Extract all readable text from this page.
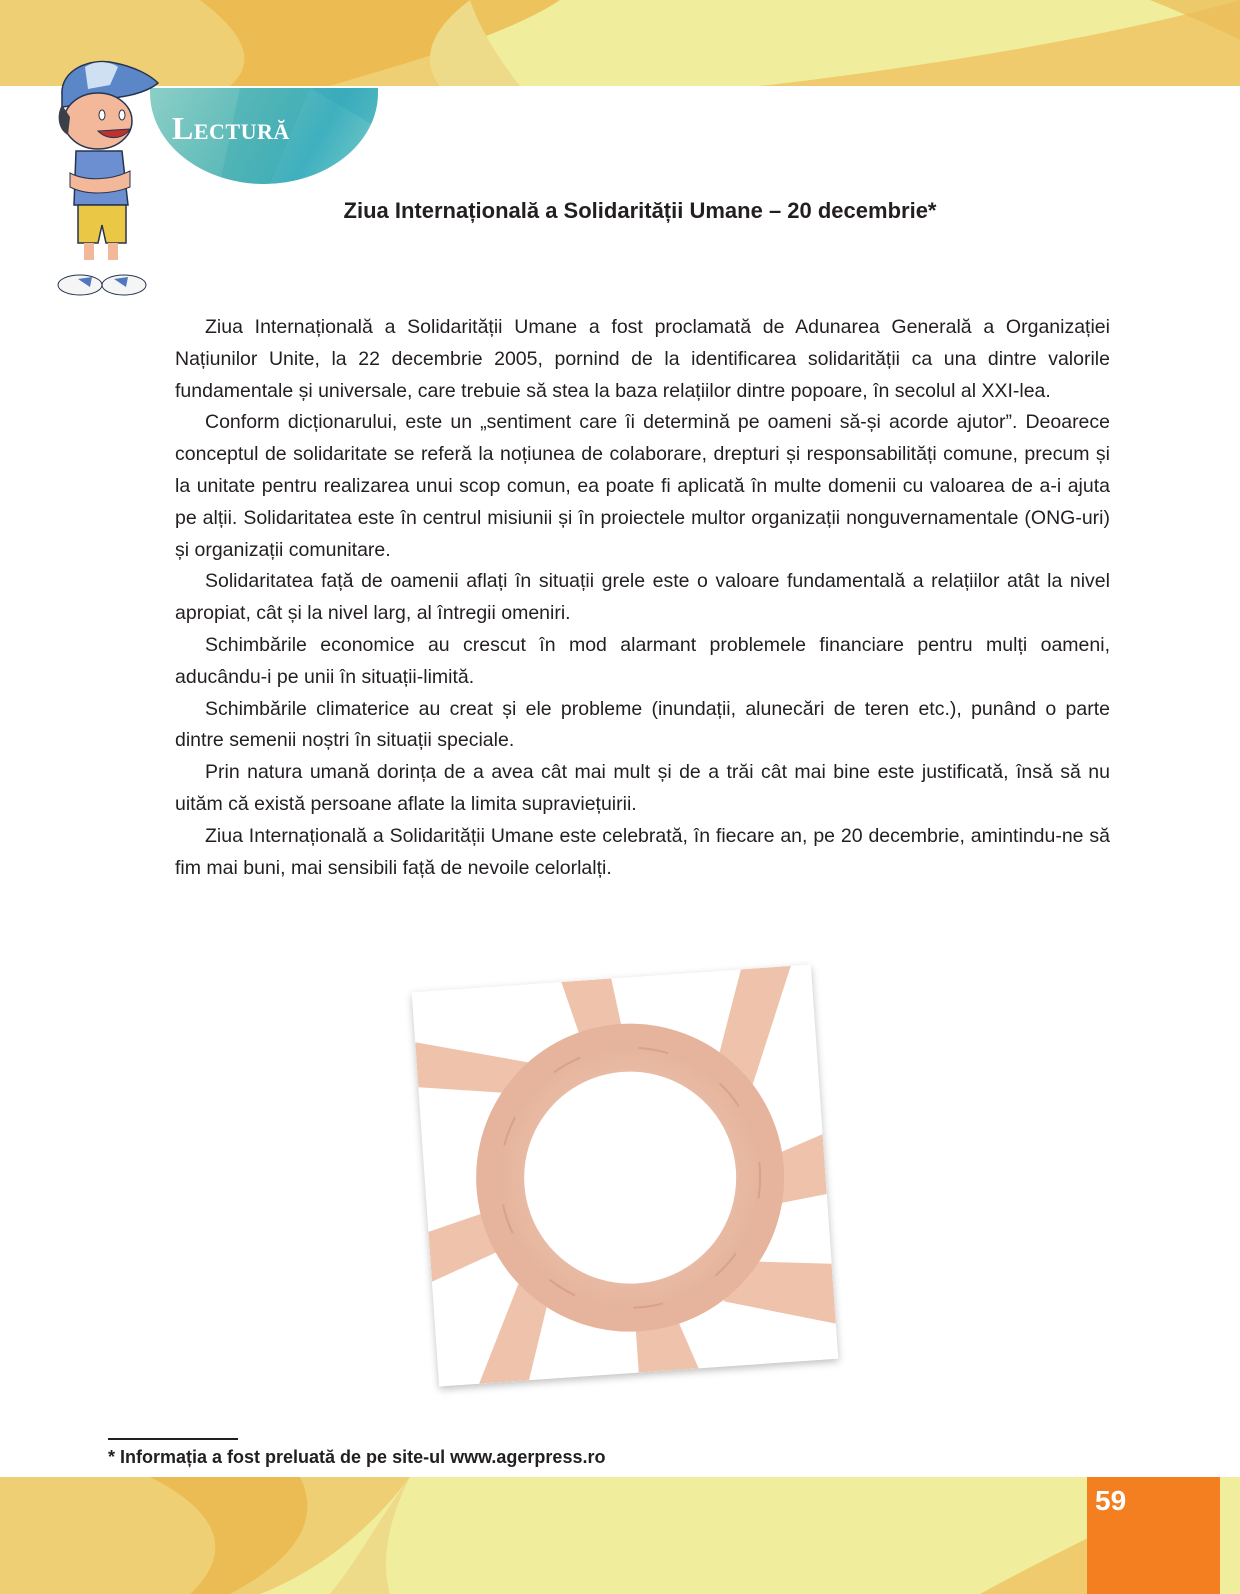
Lectură
Ziua Internațională a Solidarității Umane – 20 decembrie*

Ziua Internațională a Solidarității Umane a fost proclamată de Adunarea Generală a Organizației Națiunilor Unite, la 22 decembrie 2005, pornind de la identificarea solidarității ca una dintre valorile fundamentale și universale, care trebuie să stea la baza relațiilor dintre popoare, în secolul al XXI-lea.

Conform dicționarului, este un „sentiment care îi determină pe oameni să-și acorde ajutor”. Deoarece conceptul de solidaritate se referă la noțiunea de colaborare, drepturi și responsabilități comune, precum și la unitate pentru realizarea unui scop comun, ea poate fi aplicată în multe domenii cu valoarea de a-i ajuta pe alții. Solidaritatea este în centrul misiunii și în proiectele multor organizații nonguvernamentale (ONG-uri) și organizații comunitare.

Solidaritatea față de oamenii aflați în situații grele este o valoare fundamentală a relațiilor atât la nivel apropiat, cât și la nivel larg, al întregii omeniri.

Schimbările economice au crescut în mod alarmant problemele financiare pentru mulți oameni, aducându-i pe unii în situații-limită.

Schimbările climaterice au creat și ele probleme (inundații, alunecări de teren etc.), punând o parte dintre semenii noștri în situații speciale.

Prin natura umană dorința de a avea cât mai mult și de a trăi cât mai bine este justificată, însă să nu uităm că există persoane aflate la limita supraviețuirii.

Ziua Internațională a Solidarității Umane este celebrată, în fiecare an, pe 20 decembrie, amintindu-ne să fim mai buni, mai sensibili față de nevoile celorlalți.

* Informația a fost preluată de pe site-ul www.agerpress.ro
59
